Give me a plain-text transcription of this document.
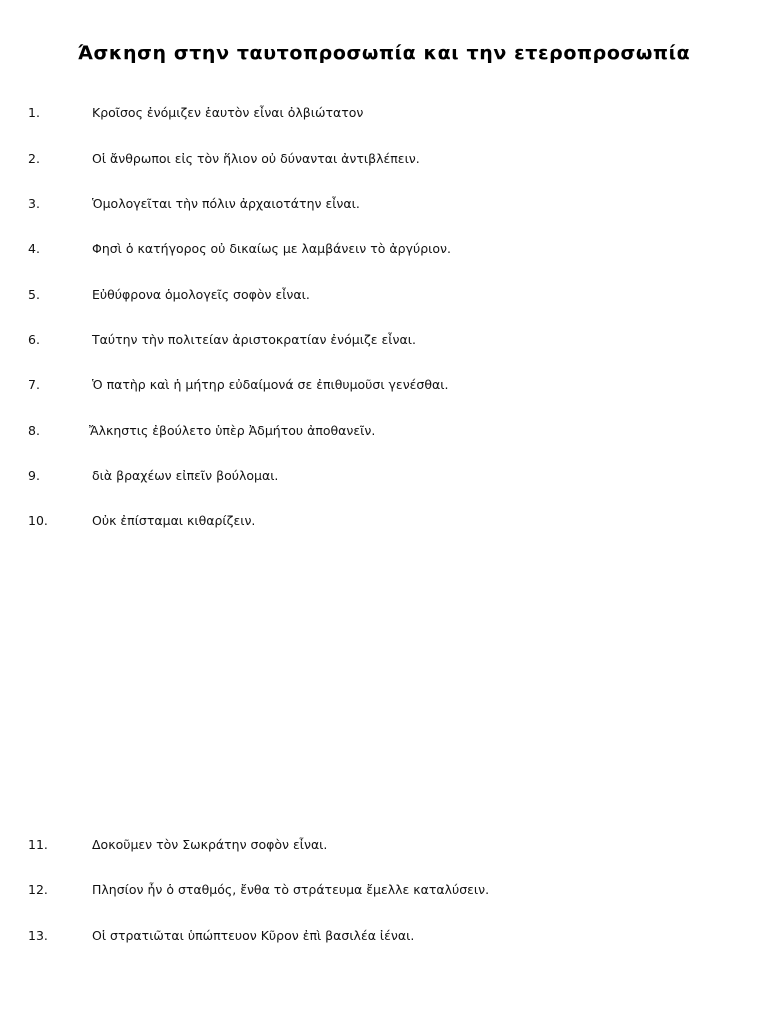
Άσκηση στην ταυτοπροσωπία και την ετεροπροσωπία
1.	Κροῖσος ἐνόμιζεν ἑαυτὸν εἶναι ὀλβιώτατον
2.	Οἱ ἄνθρωποι εἰς τὸν ἥλιον οὐ δύνανται ἀντιβλέπειν.
3.	Ὁμολογεῖται τὴν πόλιν ἀρχαιοτάτην εἶναι.
4.	Φησὶ ὁ κατήγορος οὐ δικαίως με λαμβάνειν τὸ ἀργύριον.
5.	Εὐθύφρονα ὁμολογεῖς σοφὸν εἶναι.
6.	Ταύτην τὴν πολιτείαν ἀριστοκρατίαν ἐνόμιζε εἶναι.
7.	Ὁ πατὴρ καὶ ἡ μήτηρ εὐδαίμονά σε ἐπιθυμοῦσι γενέσθαι.
8.	Ἄλκηστις ἐβούλετο ὑπὲρ Ἀδμήτου ἀποθανεῖν.
9.	διὰ βραχέων εἰπεῖν βούλομαι.
10.	Οὐκ ἐπίσταμαι κιθαρίζειν.
11.	Δοκοῦμεν τὸν Σωκράτην σοφὸν εἶναι.
12.	Πλησίον ἦν ὁ σταθμός, ἔνθα τὸ στράτευμα ἔμελλε καταλύσειν.
13.	Οἱ στρατιῶται ὑπώπτευον Κῦρον ἐπὶ βασιλέα ἰέναι.
